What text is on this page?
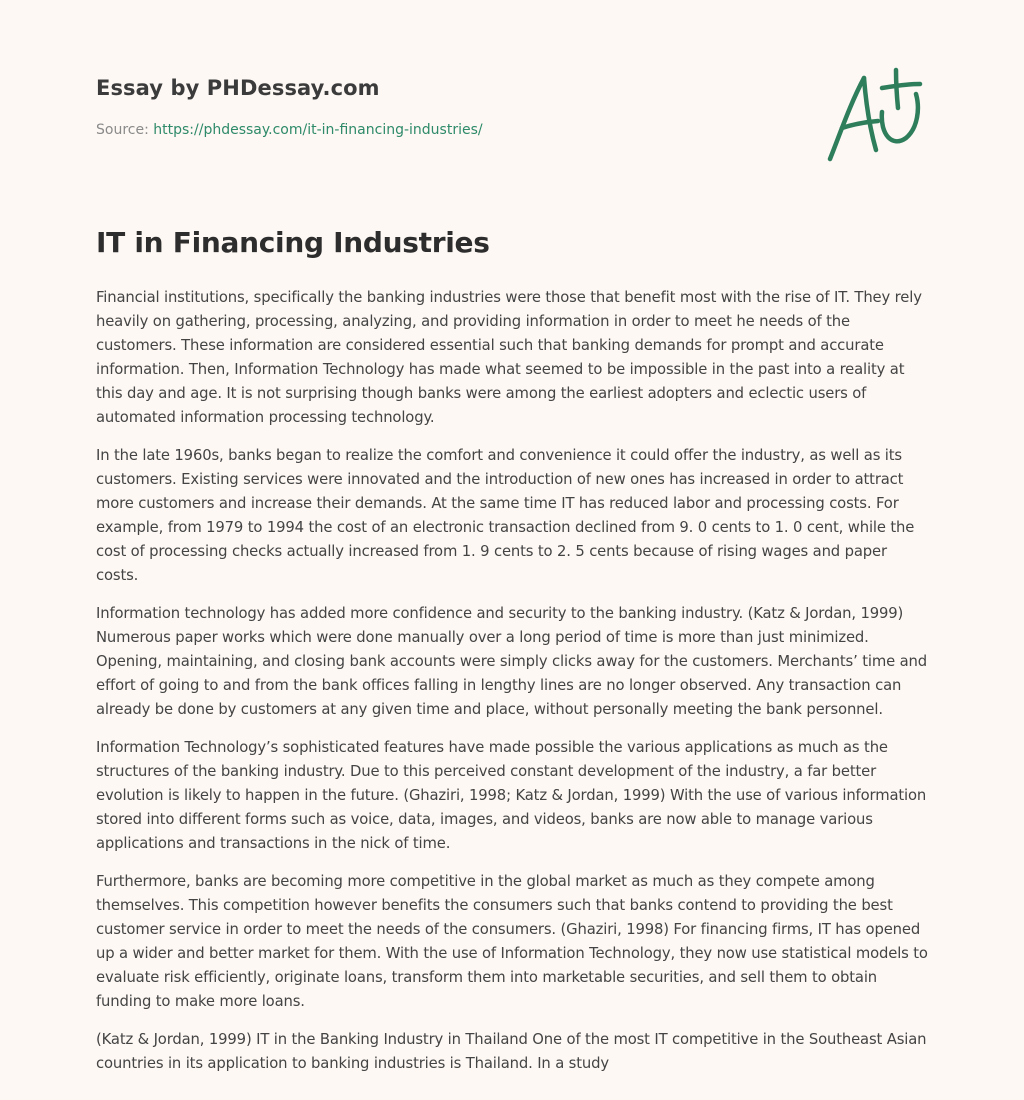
Essay by PHDessay.com
Source: https://phdessay.com/it-in-financing-industries/
IT in Financing Industries

Financial institutions, specifically the banking industries were those that benefit most with the rise of IT. They rely heavily on gathering, processing, analyzing, and providing information in order to meet he needs of the customers. These information are considered essential such that banking demands for prompt and accurate information. Then, Information Technology has made what seemed to be impossible in the past into a reality at this day and age. It is not surprising though banks were among the earliest adopters and eclectic users of automated information processing technology.

In the late 1960s, banks began to realize the comfort and convenience it could offer the industry, as well as its customers. Existing services were innovated and the introduction of new ones has increased in order to attract more customers and increase their demands. At the same time IT has reduced labor and processing costs. For example, from 1979 to 1994 the cost of an electronic transaction declined from 9. 0 cents to 1. 0 cent, while the cost of processing checks actually increased from 1. 9 cents to 2. 5 cents because of rising wages and paper costs.

Information technology has added more confidence and security to the banking industry. (Katz & Jordan, 1999) Numerous paper works which were done manually over a long period of time is more than just minimized. Opening, maintaining, and closing bank accounts were simply clicks away for the customers. Merchants’ time and effort of going to and from the bank offices falling in lengthy lines are no longer observed. Any transaction can already be done by customers at any given time and place, without personally meeting the bank personnel.

Information Technology’s sophisticated features have made possible the various applications as much as the structures of the banking industry. Due to this perceived constant development of the industry, a far better evolution is likely to happen in the future. (Ghaziri, 1998; Katz & Jordan, 1999) With the use of various information stored into different forms such as voice, data, images, and videos, banks are now able to manage various applications and transactions in the nick of time.

Furthermore, banks are becoming more competitive in the global market as much as they compete among themselves. This competition however benefits the consumers such that banks contend to providing the best customer service in order to meet the needs of the consumers. (Ghaziri, 1998) For financing firms, IT has opened up a wider and better market for them. With the use of Information Technology, they now use statistical models to evaluate risk efficiently, originate loans, transform them into marketable securities, and sell them to obtain funding to make more loans.

(Katz & Jordan, 1999) IT in the Banking Industry in Thailand One of the most IT competitive in the Southeast Asian countries in its application to banking industries is Thailand. In a study
